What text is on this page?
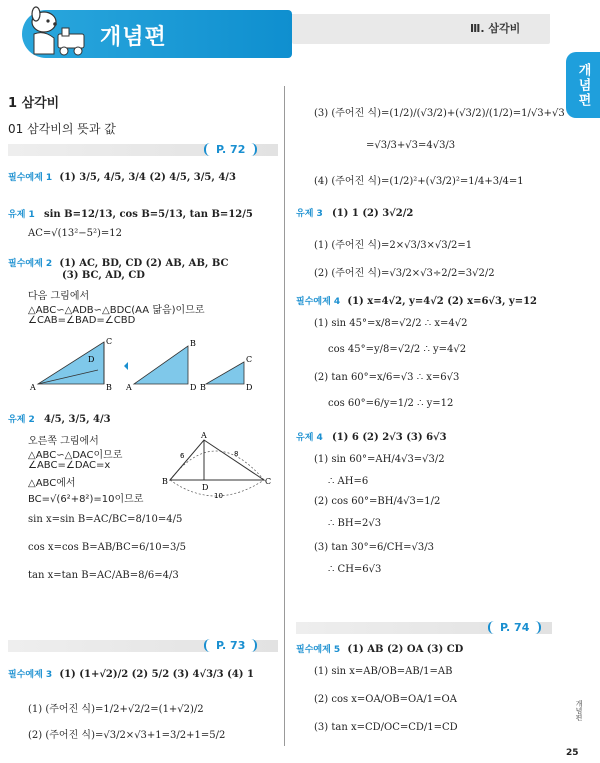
개념편	Ⅲ. 삼각비
개념편
1 삼각비
01 삼각비의 뜻과 값
P. 72
필수예제 1 (1) 3/5, 4/5, 3/4 (2) 4/5, 3/5, 4/3
유제 1 sin B=12/13, cos B=5/13, tan B=12/5
AC=√(13²−5²)=12
필수예제 2 (1) AC, BD, CD (2) AB, AB, BC
(3) BC, AD, CD
다음 그림에서
△ABC∽△ADB∽△BDC(AA 닮음)이므로
∠CAB=∠BAD=∠CBD
A
C
D
B A
B
D B
C
D
유제 2 4/5, 3/5, 4/3
오른쪽 그림에서
△ABC∽△DAC이므로
∠ABC=∠DAC=x
△ABC에서
BC=√(6²+8²)=10이므로
sin x=sin B=AC/BC=8/10=4/5
cos x=cos B=AB/BC=6/10=3/5
tan x=tan B=AC/AB=8/6=4/3
B
A
C
D
6	8
10
P. 73
필수예제 3 (1) (1+√2)/2 (2) 5/2 (3) 4√3/3 (4) 1
(1) (주어진 식)=1/2+√2/2=(1+√2)/2
(2) (주어진 식)=√3/2×√3+1=3/2+1=5/2
(3) (주어진 식)=(1/2)/(√3/2)+(√3/2)/(1/2)=1/√3+√3
=√3/3+√3=4√3/3
(4) (주어진 식)=(1/2)²+(√3/2)²=1/4+3/4=1
유제 3 (1) 1 (2) 3√2/2
(1) (주어진 식)=2×√3/3×√3/2=1
(2) (주어진 식)=√3/2×√3÷2/2=3√2/2
필수예제 4 (1) x=4√2, y=4√2 (2) x=6√3, y=12
(1) sin 45°=x/8=√2/2 ∴ x=4√2
cos 45°=y/8=√2/2 ∴ y=4√2
(2) tan 60°=x/6=√3 ∴ x=6√3
cos 60°=6/y=1/2 ∴ y=12
유제 4 (1) 6 (2) 2√3 (3) 6√3
(1) sin 60°=AH/4√3=√3/2
∴ AH=6
(2) cos 60°=BH/4√3=1/2
∴ BH=2√3
(3) tan 30°=6/CH=√3/3
∴ CH=6√3
P. 74
필수예제 5 (1) AB (2) OA (3) CD
(1) sin x=AB/OB=AB/1=AB
(2) cos x=OA/OB=OA/1=OA
(3) tan x=CD/OC=CD/1=CD
개념편
25
